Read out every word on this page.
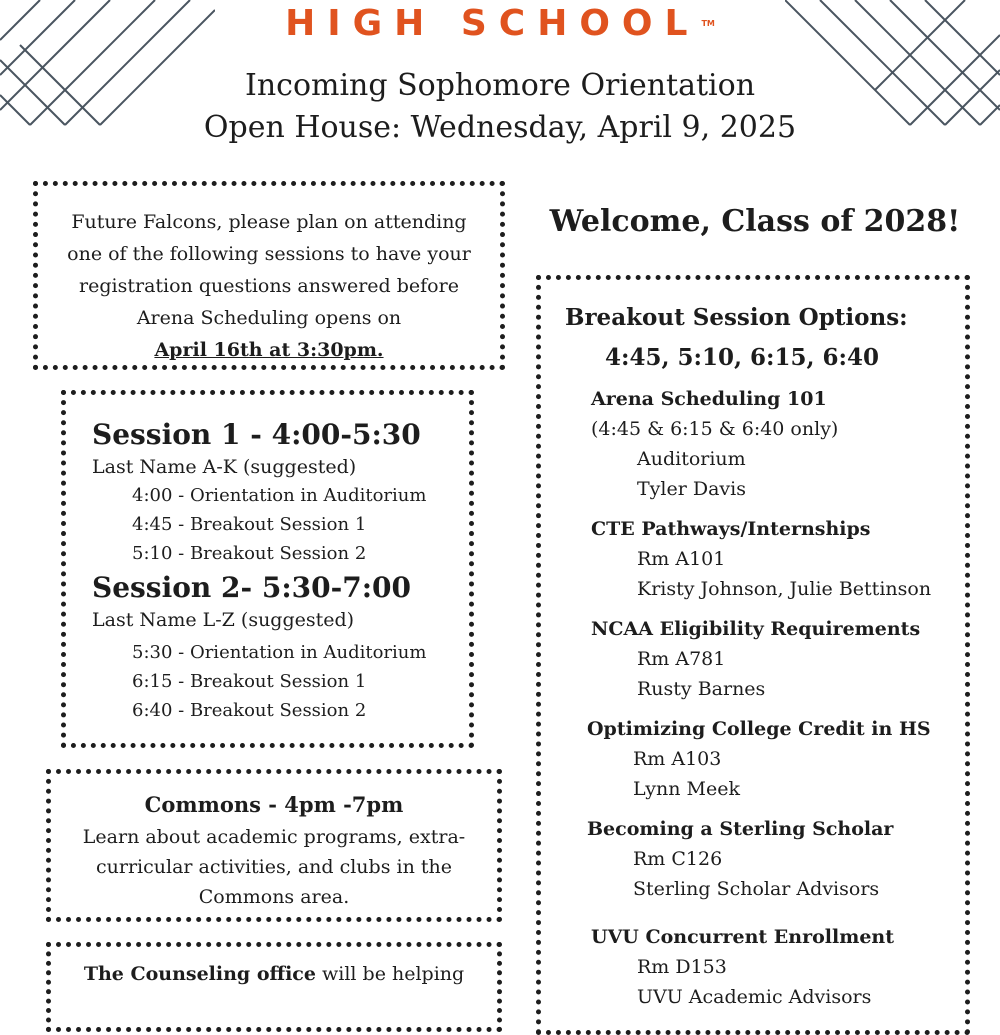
HIGH SCHOOL ™
Incoming Sophomore Orientation
Open House: Wednesday, April 9, 2025
Future Falcons, please plan on attending
one of the following sessions to have your
registration questions answered before
Arena Scheduling opens on
April 16th at 3:30pm.
Session 1 - 4:00-5:30
Last Name A-K (suggested)
4:00 - Orientation in Auditorium
4:45 - Breakout Session 1
5:10 - Breakout Session 2
Session 2- 5:30-7:00
Last Name L-Z (suggested)
5:30 - Orientation in Auditorium
6:15 - Breakout Session 1
6:40 - Breakout Session 2
Commons - 4pm -7pm
Learn about academic programs, extra-
curricular activities, and clubs in the
Commons area.
The Counseling office will be helping
Welcome, Class of 2028!
Breakout Session Options:
4:45, 5:10, 6:15, 6:40
Arena Scheduling 101
(4:45 & 6:15 & 6:40 only)
Auditorium
Tyler Davis
CTE Pathways/Internships
Rm A101
Kristy Johnson, Julie Bettinson
NCAA Eligibility Requirements
Rm A781
Rusty Barnes
Optimizing College Credit in HS
Rm A103
Lynn Meek
Becoming a Sterling Scholar
Rm C126
Sterling Scholar Advisors
UVU Concurrent Enrollment
Rm D153
UVU Academic Advisors
